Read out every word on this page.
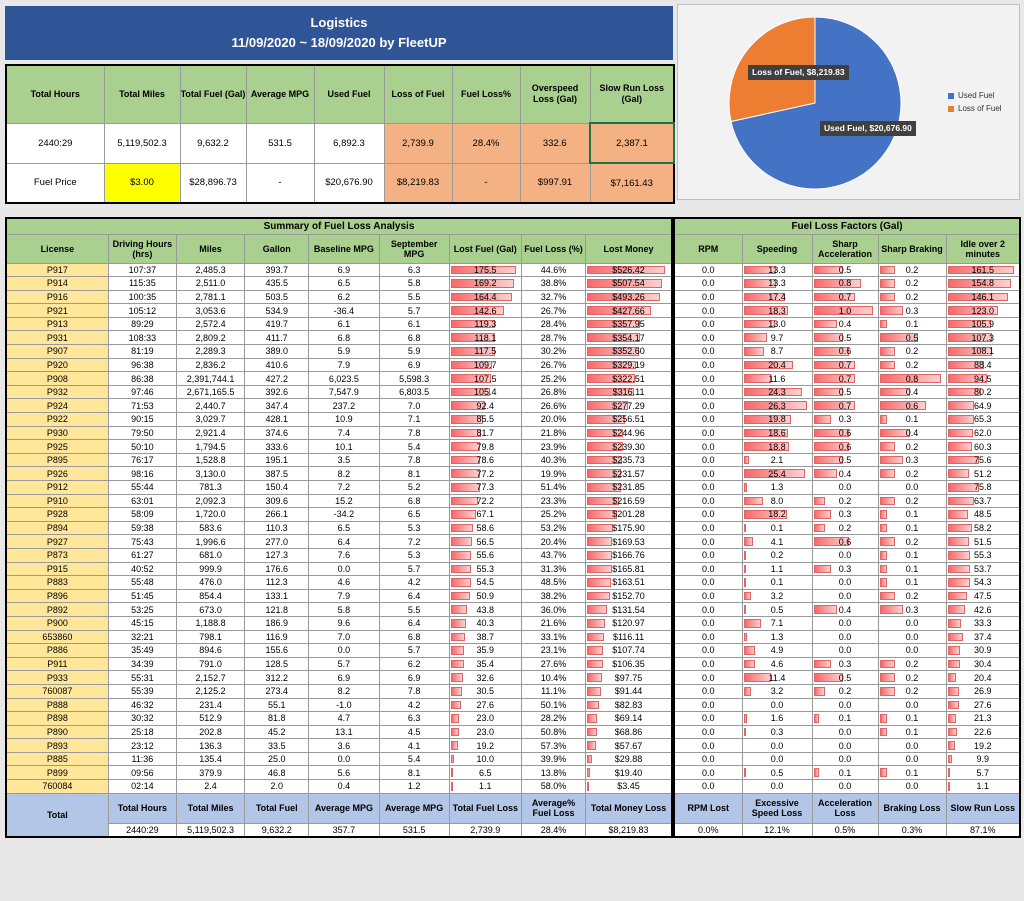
Logistics
11/09/2020 ~ 18/09/2020 by FleetUP
Total Hours	Total Miles	Total Fuel (Gal)	Average MPG	Used Fuel	Loss of Fuel	Fuel Loss%	Overspeed Loss (Gal)	Slow Run Loss (Gal)
2440:29	5,119,502.3	9,632.2	531.5	6,892.3	2,739.9	28.4%	332.6	2,387.1
Fuel Price	$3.00	$28,896.73	-	$20,676.90	$8,219.83	-	$997.91	$7,161.43
Loss of Fuel, $8,219.83
Used Fuel, $20,676.90
Used Fuel
Loss of Fuel
Summary of Fuel Loss Analysis								
License	Driving Hours (hrs)	Miles	Gallon	Baseline MPG	September MPG	Lost Fuel (Gal)	Fuel Loss (%)	Lost Money
P917	107:37	2,485.3	393.7	6.9	6.3	175.5	44.6%	$526.42
P914	115:35	2,511.0	435.5	6.5	5.8	169.2	38.8%	$507.54
P916	100:35	2,781.1	503.5	6.2	5.5	164.4	32.7%	$493.26
P921	105:12	3,053.6	534.9	-36.4	5.7	142.6	26.7%	$427.66
P913	89:29	2,572.4	419.7	6.1	6.1	119.3	28.4%	$357.95
P931	108:33	2,809.2	411.7	6.8	6.8	118.1	28.7%	$354.17
P907	81:19	2,289.3	389.0	5.9	5.9	117.5	30.2%	$352.60
P920	96:38	2,836.2	410.6	7.9	6.9	109.7	26.7%	$329.19
P908	86:38	2,391,744.1	427.2	6,023.5	5,598.3	107.5	25.2%	$322.51
P932	97:46	2,671,165.5	392.6	7,547.9	6,803.5	105.4	26.8%	$316.11
P924	71:53	2,440.7	347.4	237.2	7.0	92.4	26.6%	$277.29
P922	90:15	3,029.7	428.1	10.9	7.1	85.5	20.0%	$256.51
P930	79:50	2,921.4	374.6	7.4	7.8	81.7	21.8%	$244.96
P925	50:10	1,794.5	333.6	10.1	5.4	79.8	23.9%	$239.30
P895	76:17	1,528.8	195.1	3.5	7.8	78.6	40.3%	$235.73
P926	98:16	3,130.0	387.5	8.2	8.1	77.2	19.9%	$231.57
P912	55:44	781.3	150.4	7.2	5.2	77.3	51.4%	$231.85
P910	63:01	2,092.3	309.6	15.2	6.8	72.2	23.3%	$216.59
P928	58:09	1,720.0	266.1	-34.2	6.5	67.1	25.2%	$201.28
P894	59:38	583.6	110.3	6.5	5.3	58.6	53.2%	$175.90
P927	75:43	1,996.6	277.0	6.4	7.2	56.5	20.4%	$169.53
P873	61:27	681.0	127.3	7.6	5.3	55.6	43.7%	$166.76
P915	40:52	999.9	176.6	0.0	5.7	55.3	31.3%	$165.81
P883	55:48	476.0	112.3	4.6	4.2	54.5	48.5%	$163.51
P896	51:45	854.4	133.1	7.9	6.4	50.9	38.2%	$152.70
P892	53:25	673.0	121.8	5.8	5.5	43.8	36.0%	$131.54
P900	45:15	1,188.8	186.9	9.6	6.4	40.3	21.6%	$120.97
653860	32:21	798.1	116.9	7.0	6.8	38.7	33.1%	$116.11
P886	35:49	894.6	155.6	0.0	5.7	35.9	23.1%	$107.74
P911	34:39	791.0	128.5	5.7	6.2	35.4	27.6%	$106.35
P933	55:31	2,152.7	312.2	6.9	6.9	32.6	10.4%	$97.75
760087	55:39	2,125.2	273.4	8.2	7.8	30.5	11.1%	$91.44
P888	46:32	231.4	55.1	-1.0	4.2	27.6	50.1%	$82.83
P898	30:32	512.9	81.8	4.7	6.3	23.0	28.2%	$69.14
P890	25:18	202.8	45.2	13.1	4.5	23.0	50.8%	$68.86
P893	23:12	136.3	33.5	3.6	4.1	19.2	57.3%	$57.67
P885	11:36	135.4	25.0	0.0	5.4	10.0	39.9%	$29.88
P899	09:56	379.9	46.8	5.6	8.1	6.5	13.8%	$19.40
760084	02:14	2.4	2.0	0.4	1.2	1.1	58.0%	$3.45
Total	Total Hours	Total Miles	Total Fuel	Average MPG	Average MPG	Total Fuel Loss	Average% Fuel Loss	Total Money Loss
	2440:29	5,119,502.3	9,632.2	357.7	531.5	2,739.9	28.4%	$8,219.83
Fuel Loss Factors (Gal)				
RPM	Speeding	Sharp Acceleration	Sharp Braking	Idle over 2 minutes
0.0	13.3	0.5	0.2	161.5
0.0	13.3	0.8	0.2	154.8
0.0	17.4	0.7	0.2	146.1
0.0	18.3	1.0	0.3	123.0
0.0	13.0	0.4	0.1	105.9
0.0	9.7	0.5	0.5	107.3
0.0	8.7	0.6	0.2	108.1
0.0	20.4	0.7	0.2	88.4
0.0	11.6	0.7	0.8	94.5
0.0	24.3	0.5	0.4	80.2
0.0	26.3	0.7	0.6	64.9
0.0	19.8	0.3	0.1	65.3
0.0	18.6	0.6	0.4	62.0
0.0	18.8	0.6	0.2	60.3
0.0	2.1	0.5	0.3	75.6
0.0	25.4	0.4	0.2	51.2
0.0	1.3	0.0	0.0	75.8
0.0	8.0	0.2	0.2	63.7
0.0	18.2	0.3	0.1	48.5
0.0	0.1	0.2	0.1	58.2
0.0	4.1	0.6	0.2	51.5
0.0	0.2	0.0	0.1	55.3
0.0	1.1	0.3	0.1	53.7
0.0	0.1	0.0	0.1	54.3
0.0	3.2	0.0	0.2	47.5
0.0	0.5	0.4	0.3	42.6
0.0	7.1	0.0	0.0	33.3
0.0	1.3	0.0	0.0	37.4
0.0	4.9	0.0	0.0	30.9
0.0	4.6	0.3	0.2	30.4
0.0	11.4	0.5	0.2	20.4
0.0	3.2	0.2	0.2	26.9
0.0	0.0	0.0	0.0	27.6
0.0	1.6	0.1	0.1	21.3
0.0	0.3	0.0	0.1	22.6
0.0	0.0	0.0	0.0	19.2
0.0	0.0	0.0	0.0	9.9
0.0	0.5	0.1	0.1	5.7
0.0	0.0	0.0	0.0	1.1
RPM Lost	Excessive Speed Loss	Acceleration Loss	Braking Loss	Slow Run Loss
0.0%	12.1%	0.5%	0.3%	87.1%
